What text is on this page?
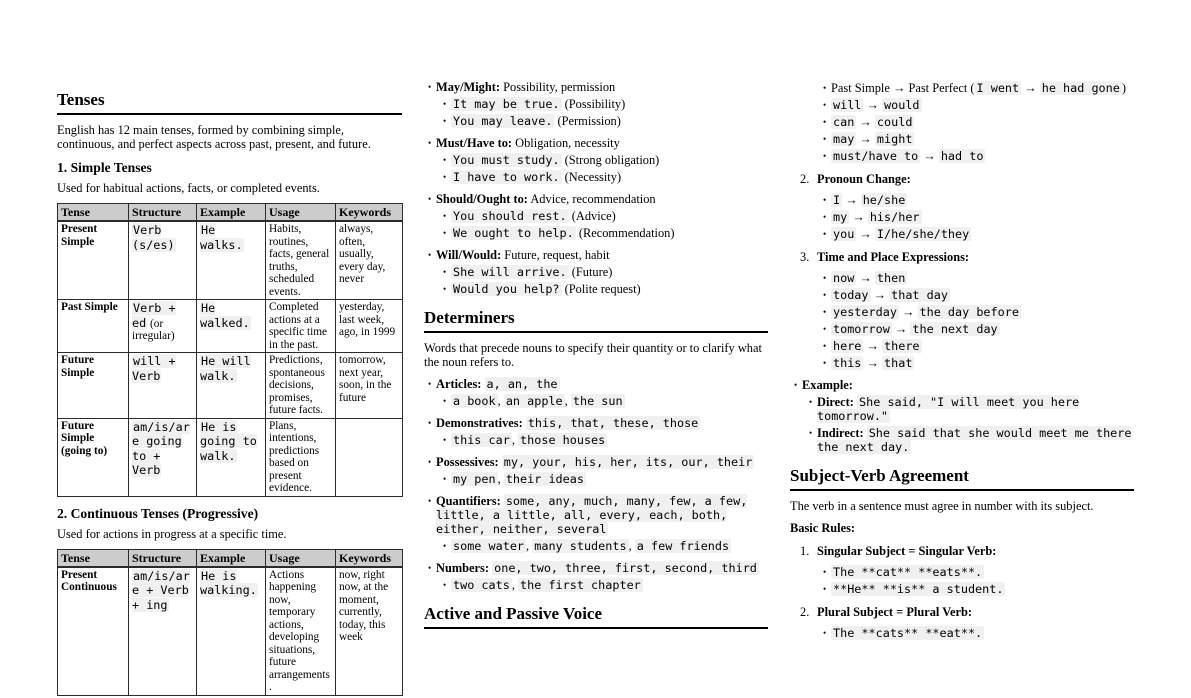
Tenses
English has 12 main tenses, formed by combining simple, continuous, and perfect aspects across past, present, and future.
1. Simple Tenses
Used for habitual actions, facts, or completed events.
Tense	Structure	Example	Usage	Keywords
Present Simple	Verb (s/es)	He walks.	Habits, routines, facts, general truths, scheduled events.	always, often, usually, every day, never
Past Simple	Verb + ed (or irregular)	He walked.	Completed actions at a specific time in the past.	yesterday, last week, ago, in 1999
Future Simple	will + Verb	He will walk.	Predictions, spontaneous decisions, promises, future facts.	tomorrow, next year, soon, in the future
Future Simple (going to)	am/is/are going to + Verb	He is going to walk.	Plans, intentions, predictions based on present evidence.	
2. Continuous Tenses (Progressive)
Used for actions in progress at a specific time.
Tense	Structure	Example	Usage	Keywords
Present Continuous	am/is/are + Verb + ing	He is walking.	Actions happening now, temporary actions, developing situations, future arrangements.	now, right now, at the moment, currently, today, this week
• May/Might: Possibility, permission
• It may be true. (Possibility)
• You may leave. (Permission)
• Must/Have to: Obligation, necessity
• You must study. (Strong obligation)
• I have to work. (Necessity)
• Should/Ought to: Advice, recommendation
• You should rest. (Advice)
• We ought to help. (Recommendation)
• Will/Would: Future, request, habit
• She will arrive. (Future)
• Would you help? (Polite request)
Determiners
Words that precede nouns to specify their quantity or to clarify what the noun refers to.
• Articles: a, an, the
• a book , an apple , the sun
• Demonstratives: this, that, these, those
• this car , those houses
• Possessives: my, your, his, her, its, our, their
• my pen , their ideas
• Quantifiers: some, any, much, many, few, a few, little, a little, all, every, each, both, either, neither, several
• some water , many students , a few friends
• Numbers: one, two, three, first, second, third
• two cats , the first chapter
Active and Passive Voice
• Past Simple → Past Perfect ( I went → he had gone )
• will → would
• can → could
• may → might
• must/have to → had to
2. Pronoun Change:
• I → he/she
• my → his/her
• you → I/he/she/they
3. Time and Place Expressions:
• now → then
• today → that day
• yesterday → the day before
• tomorrow → the next day
• here → there
• this → that
• Example:
• Direct: She said, "I will meet you here tomorrow."
• Indirect: She said that she would meet me there the next day.
Subject-Verb Agreement
The verb in a sentence must agree in number with its subject.
Basic Rules:
1. Singular Subject = Singular Verb:
• The **cat** **eats**.
• **He** **is** a student.
2. Plural Subject = Plural Verb:
• The **cats** **eat**.
